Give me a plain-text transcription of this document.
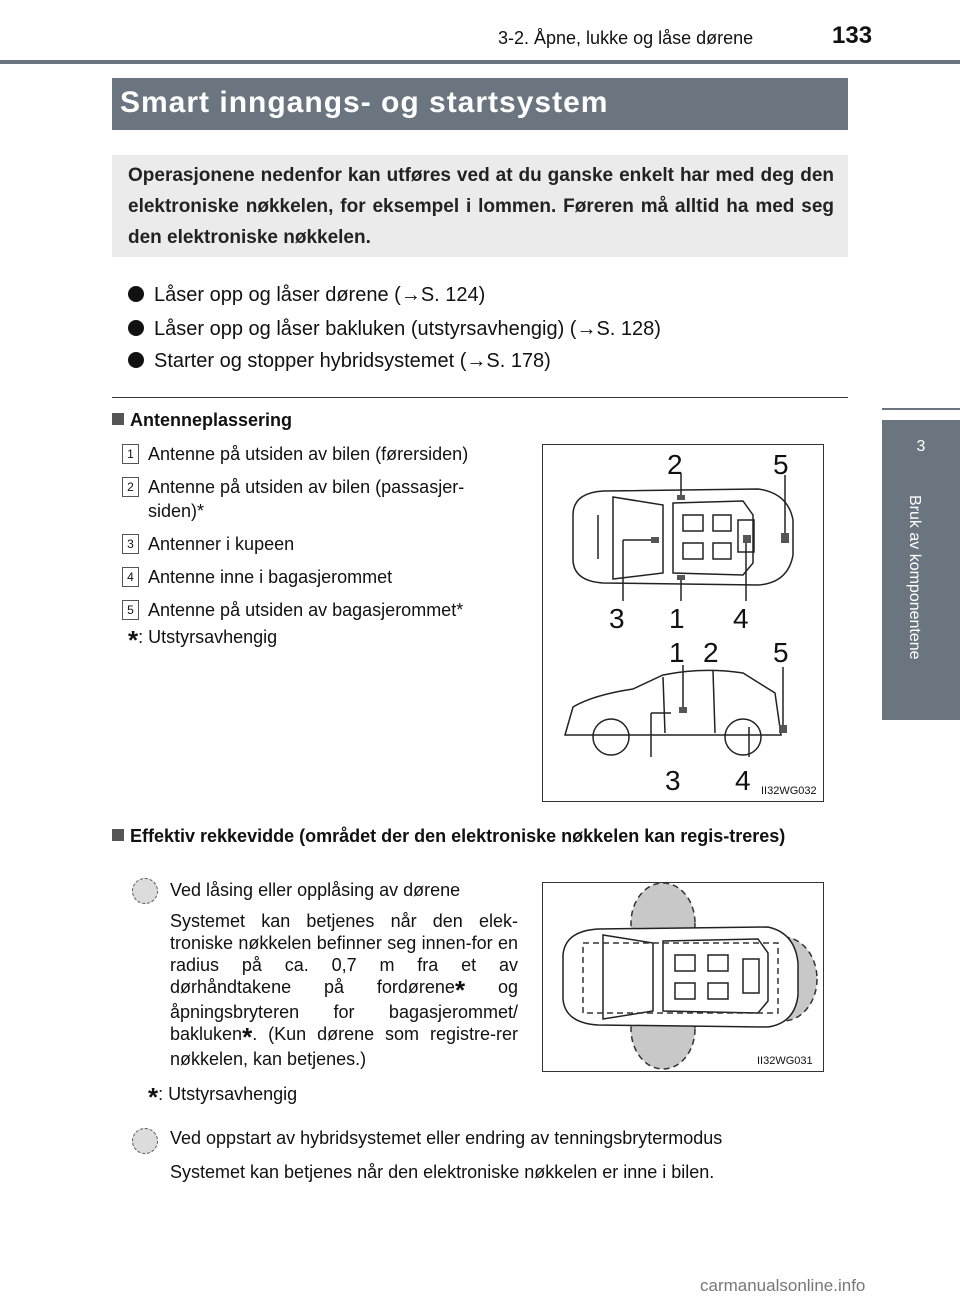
3-2. Åpne, lukke og låse dørene	133
3
Bruk av komponentene
Smart inngangs- og startsystem
Operasjonene nedenfor kan utføres ved at du ganske enkelt har med deg den elektroniske nøkkelen, for eksempel i lommen. Føreren må alltid ha med seg den elektroniske nøkkelen.
Låser opp og låser dørene (→S. 124)
Låser opp og låser bakluken (utstyrsavhengig) (→S. 128)
Starter og stopper hybridsystemet (→S. 178)
Antenneplassering
1 Antenne på utsiden av bilen (førersiden)
2 Antenne på utsiden av bilen (passasjer-siden)*
3 Antenner i kupeen
4 Antenne inne i bagasjerommet
5 Antenne på utsiden av bagasjerommet*
*: Utstyrsavhengig
2	5
3 1 4
1 2 5
3 4 II32WG032
Effektiv rekkevidde (området der den elektroniske nøkkelen kan regis-treres)
Ved låsing eller opplåsing av dørene
Systemet kan betjenes når den elek-troniske nøkkelen befinner seg innen-for en radius på ca. 0,7 m fra et av dørhåndtakene på fordørene* og åpningsbryteren for bagasjerommet/ bakluken*. (Kun dørene som registre-rer nøkkelen, kan betjenes.)
*: Utstyrsavhengig
II32WG031
Ved oppstart av hybridsystemet eller endring av tenningsbrytermodus
Systemet kan betjenes når den elektroniske nøkkelen er inne i bilen.
carmanualsonline.info
